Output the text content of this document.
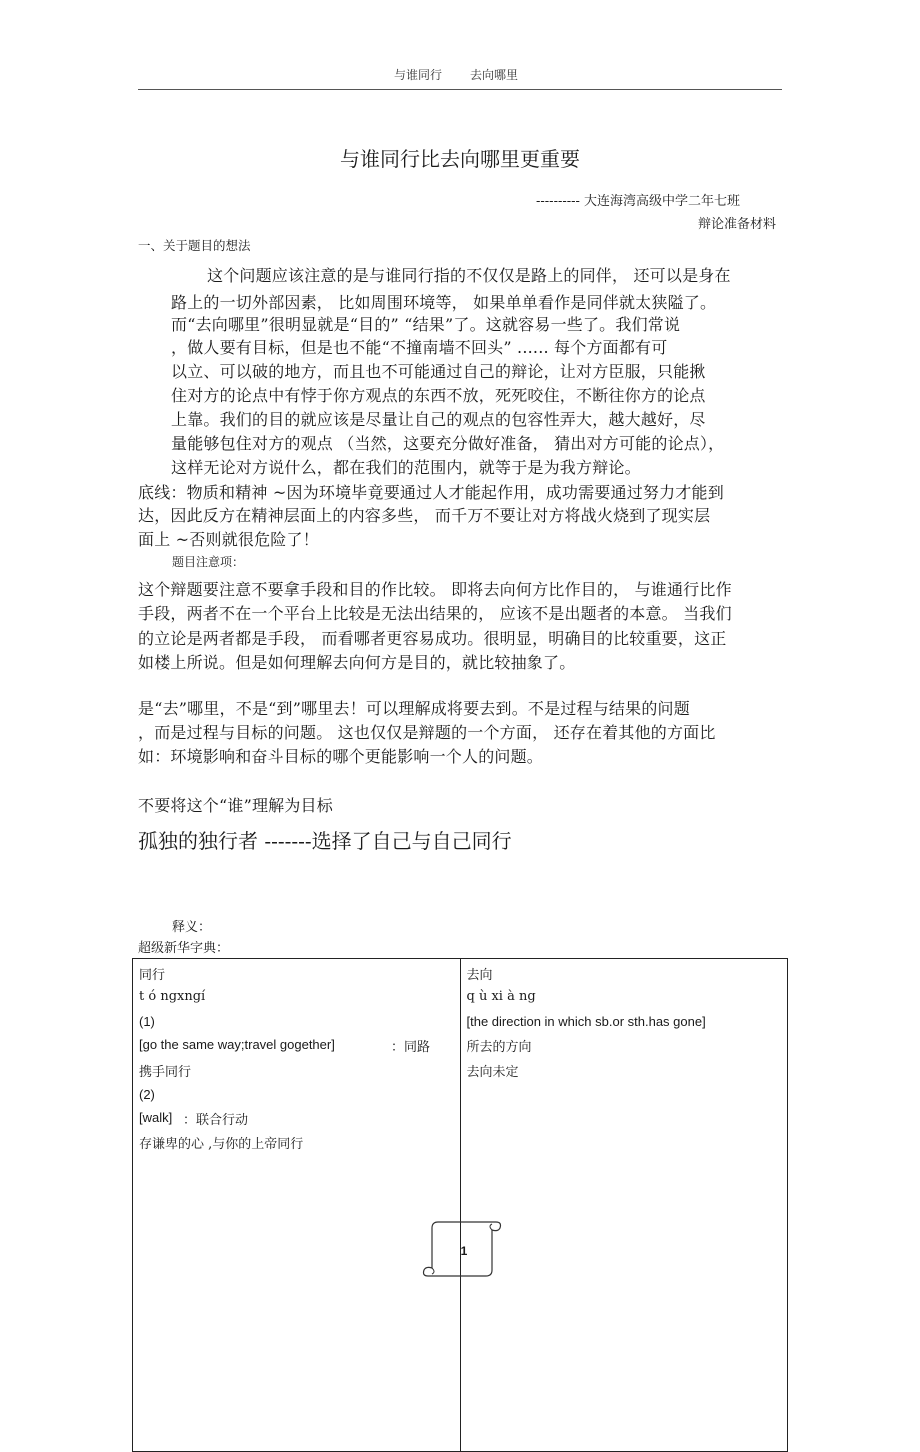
与谁同行 去向哪里
与谁同行比去向哪里更重要
---------- 大连海湾高级中学二年七班
辩论准备材料
一、关于题目的想法
这个问题应该注意的是与谁同行指的不仅仅是路上的同伴， 还可以是身在
路上的一切外部因素， 比如周围环境等， 如果单单看作是同伴就太狭隘了。
而“去向哪里”很明显就是“目的” “结果”了。这就容易一些了。我们常说
，做人要有目标，但是也不能“不撞南墙不回头” ...... 每个方面都有可
以立、可以破的地方，而且也不可能通过自己的辩论，让对方臣服，只能揪
住对方的论点中有悖于你方观点的东西不放，死死咬住，不断往你方的论点
上靠。我们的目的就应该是尽量让自己的观点的包容性弄大，越大越好，尽
量能够包住对方的观点 （当然，这要充分做好准备， 猜出对方可能的论点），
这样无论对方说什么，都在我们的范围内，就等于是为我方辩论。
底线：物质和精神 ~因为环境毕竟要通过人才能起作用，成功需要通过努力才能到
达，因此反方在精神层面上的内容多些， 而千万不要让对方将战火烧到了现实层
面上 ~否则就很危险了！
题目注意项：
这个辩题要注意不要拿手段和目的作比较。 即将去向何方比作目的， 与谁通行比作
手段，两者不在一个平台上比较是无法出结果的， 应该不是出题者的本意。 当我们
的立论是两者都是手段， 而看哪者更容易成功。很明显，明确目的比较重要，这正
如楼上所说。但是如何理解去向何方是目的，就比较抽象了。
是“去”哪里，不是“到”哪里去！可以理解成将要去到。不是过程与结果的问题
，而是过程与目标的问题。 这也仅仅是辩题的一个方面， 还存在着其他的方面比
如：环境影响和奋斗目标的哪个更能影响一个人的问题。
不要将这个“谁”理解为目标
孤独的独行者 -------选择了自己与自己同行
释义：
超级新华字典：
同行
t ó ngxngí
(1)
[go the same way;travel gogether]	：同路
携手同行
(2)
[walk] ：联合行动
存谦卑的心 ,与你的上帝同行

去向
q ù xi à ng
[the direction in which sb.or sth.has gone]
所去的方向
去向未定
1
